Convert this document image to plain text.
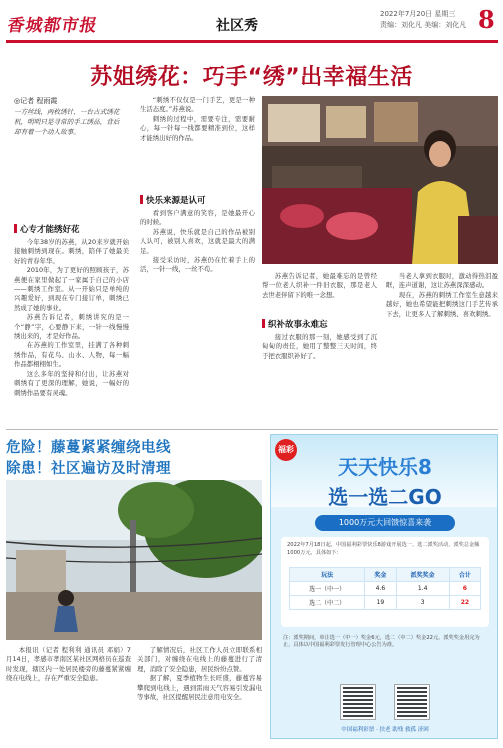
香城都市报	社区秀
2022年7月20日 星期三
责编：刘化凡 美编：刘化凡 8
苏姐绣花：巧手“绣”出幸福生活
◎记者 程雨霞
一方丝线，两枚绣针，一台古式绣花机，明明只是寻常的手工绣品，背后却有着一个动人故事。
心专才能绣好花

今年38岁的苏燕，从20来岁就开始接触刺绣到现在。刺绣，陪伴了她最美好的青春年华。

2010年，为了更好的照顾孩子，苏燕便在家里做起了一家属于自己的小店——刺绣工作室。从一开始只是单纯的兴趣爱好，到现在专门接订单，刺绣已然成了她的事业。

苏燕告诉记者，刺绣讲究的是一个“静”字，心要静下来，一针一线慢慢绣出来的，才是好作品。

在苏燕的工作室里，挂满了各种刺绣作品，有花鸟、山水、人物，每一幅作品都栩栩如生。

这么多年的坚持和付出，让苏燕对刺绣有了更深的理解，她说，一幅好的刺绣作品要有灵魂。

“刺绣不仅仅是一门手艺，更是一种生活态度。”苏燕说。

刺绣的过程中，需要专注，需要耐心，每一针每一线都要精准到位，这样才能绣出好的作品。

快乐来源是认可

看到客户满意的笑容，是她最开心的时候。

苏燕说，快乐就是自己的作品被别人认可，被别人喜欢，这就是最大的满足。

接受采访时，苏燕仍在忙着手上的活，一针一线，一丝不苟。

苏燕告诉记者，她最难忘的是曾经帮一位老人织补一件旧衣服，那是老人去世老伴留下的唯一念想。

织补故事永难忘

接过衣服的那一刻，她感受到了沉甸甸的责任，她用了整整三天时间，终于把衣服织补好了。

当老人拿到衣服时，激动得热泪盈眶，连声道谢，这让苏燕深深感动。

现在，苏燕的刺绣工作室生意越来越好，她也希望能把刺绣这门手艺传承下去，让更多人了解刺绣、喜欢刺绣。

危险！藤蔓紧紧缠绕电线
除患！社区遍访及时清理

本报讯（记者 程利利 通讯员 邓娟）7月14日，孝感市孝南区某社区网格员在巡查时发现，辖区内一处居民楼旁的藤蔓紧紧缠绕在电线上，存在严重安全隐患。

了解情况后，社区工作人员立即联系相关部门，对缠绕在电线上的藤蔓进行了清理，消除了安全隐患，居民纷纷点赞。

据了解，夏季植物生长旺盛，藤蔓容易攀爬到电线上，遇到雷雨天气容易引发漏电等事故，社区提醒居民注意用电安全。

福彩
天天快乐8
选一选二GO
1000万元大回馈惊喜来袭
2022年7月18日起，中国福利彩票快乐8游戏开展选一、选二派奖活动，派奖总金额1000万元，具体如下：
玩法	奖金	派奖奖金	合计
选一（中一）	4.6	1.4	6
选二（中二）	19	3	22
注：派奖期间，单注选一（中一）奖金6元，选二（中二）奖金22元。派奖奖金用完为止，具体以中国福利彩票发行管理中心公告为准。
中国福利彩票 · 扶老 助残 救孤 济困
